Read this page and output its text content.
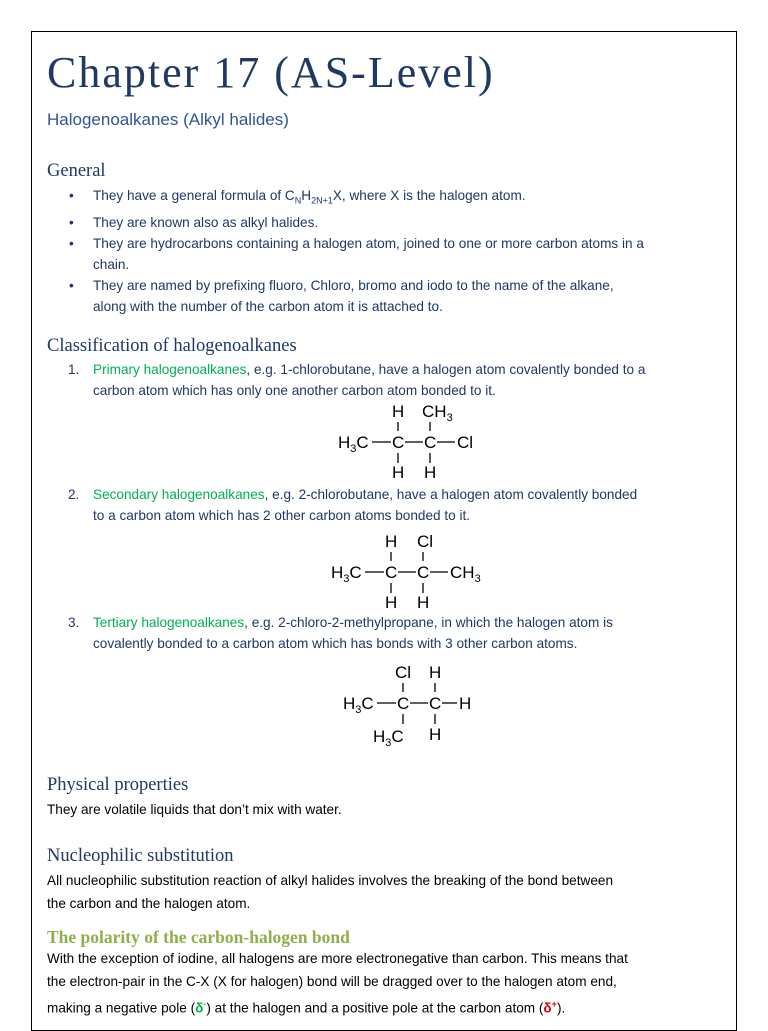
Chapter 17 (AS-Level)
Halogenoalkanes (Alkyl halides)
General
• They have a general formula of $C_NH_{2N+1}X$, where X is the halogen atom.
• They are known also as alkyl halides.
• They are hydrocarbons containing a halogen atom, joined to one or more carbon atoms in a
chain.
• They are named by prefixing fluoro, Chloro, bromo and iodo to the name of the alkane,
along with the number of the carbon atom it is attached to.
Classification of halogenoalkanes
1. Primary halogenoalkanes, e.g. 1-chlorobutane, have a halogen atom covalently bonded to a
carbon atom which has only one another carbon atom bonded to it.
H $CH_3$
$H_3C$ C C Cl
H H
2. Secondary halogenoalkanes, e.g. 2-chlorobutane, have a halogen atom covalently bonded
to a carbon atom which has 2 other carbon atoms bonded to it.
H Cl
$H_3C$ C C $CH_3$
H H
3. Tertiary halogenoalkanes, e.g. 2-chloro-2-methylpropane, in which the halogen atom is
covalently bonded to a carbon atom which has bonds with 3 other carbon atoms.
Cl H
$H_3C$ C C H
$H_3C$ H
Physical properties
They are volatile liquids that don’t mix with water.
Nucleophilic substitution
All nucleophilic substitution reaction of alkyl halides involves the breaking of the bond between
the carbon and the halogen atom.
The polarity of the carbon-halogen bond
With the exception of iodine, all halogens are more electronegative than carbon. This means that
the electron-pair in the C-X (X for halogen) bond will be dragged over to the halogen atom end,
making a negative pole (δ-) at the halogen and a positive pole at the carbon atom (δ+).
